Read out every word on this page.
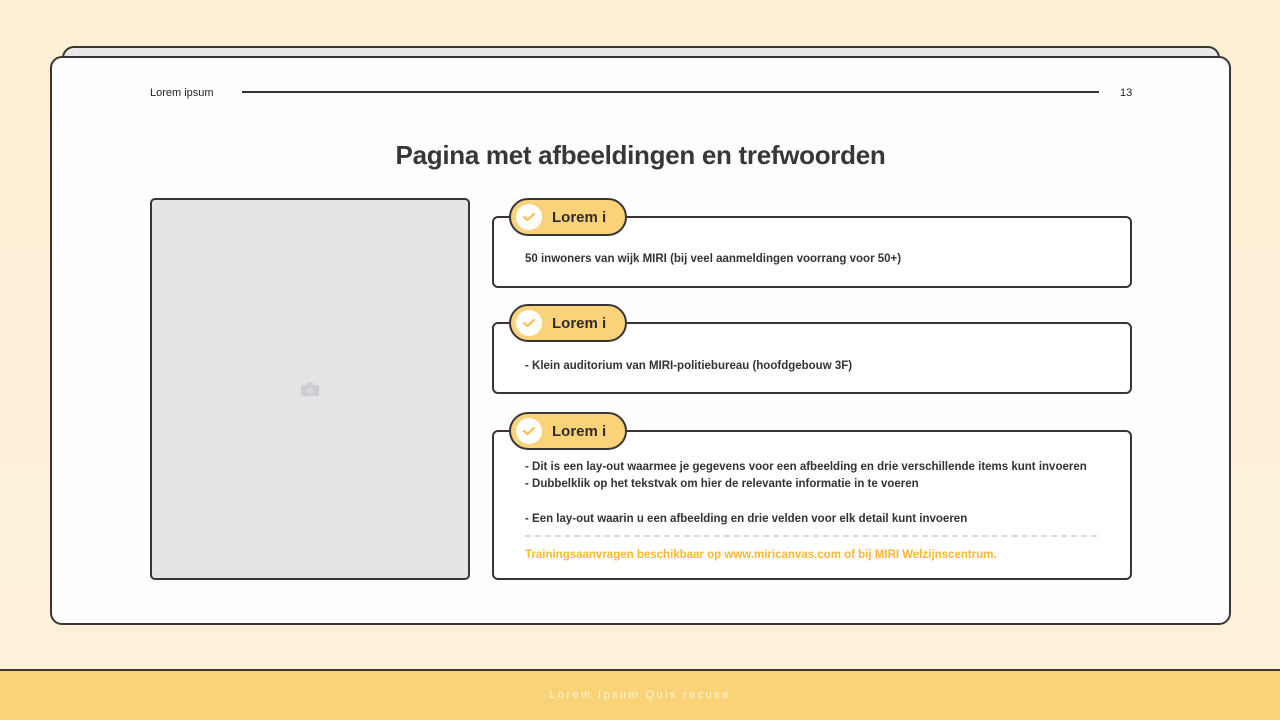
Lorem ipsum	13
Pagina met afbeeldingen en trefwoorden
Lorem i
50 inwoners van wijk MIRI (bij veel aanmeldingen voorrang voor 50+)
Lorem i
- Klein auditorium van MIRI-politiebureau (hoofdgebouw 3F)
Lorem i
- Dit is een lay-out waarmee je gegevens voor een afbeelding en drie verschillende items kunt invoeren
- Dubbelklik op het tekstvak om hier de relevante informatie in te voeren
- Een lay-out waarin u een afbeelding en drie velden voor elk detail kunt invoeren
Trainingsaanvragen beschikbaar op www.miricanvas.com of bij MIRI Welzijnscentrum.
Lorem Ipsum Quis recusa
